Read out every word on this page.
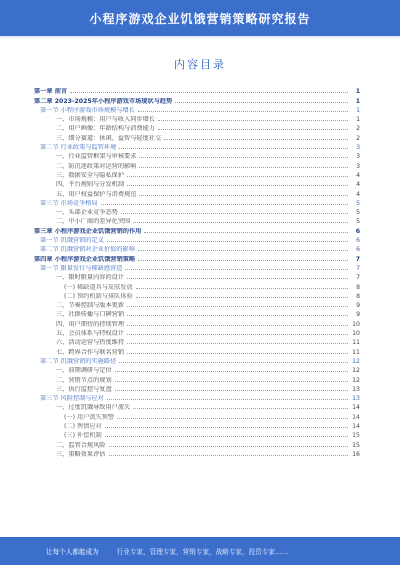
小程序游戏企业饥饿营销策略研究报告
内容目录
第一章 前言	1
第二章 2023-2025年小程序游戏市场现状与趋势	1
第一节 小程序游戏市场规模与增长	1
一、市场规模：用户与收入同步增长	1
二、用户画像：年龄结构与消费能力	2
三、细分赛道：休闲、益智与轻度社交	2
第二节 行业政策与监管环境	3
一、行业监管框架与审核要求	3
二、防沉迷政策对运营的影响	3
三、数据安全与隐私保护	4
四、平台规则与分发机制	4
五、用户权益保护与消费规范	4
第三节 市场竞争格局	5
一、头部企业竞争态势	5
二、中小厂商的差异化突围	5
第三章 小程序游戏企业饥饿营销的作用	6
第一节 饥饿营销的定义	6
第二节 饥饿营销对企业价值的影响	6
第四章 小程序游戏企业饥饿营销策略	7
第一节 限量发行与稀缺感营造	7
一、限时限量内容的设计	7
(一) 稀缺道具与皮肤发放	8
(二) 预约机制与排队体验	8
二、节奏控制与版本更新	9
三、社群传播与口碑营销	9
四、用户期待的持续管理	10
五、会员体系与特权设计	10
六、活动运营与热度维持	11
七、跨界合作与联名营销	11
第二节 饥饿营销的实施路径	12
一、前期调研与定位	12
二、营销节点的规划	12
三、执行监控与复盘	13
第三节 风险控制与应对	13
一、过度饥饿导致用户流失	14
(一) 用户流失预警	14
(二) 舆情应对	14
(三) 补偿机制	15
二、监管合规风险	15
三、策略效果评估	16
让每个人都能成为	行业专家，管理专家，营销专家，战略专家，投资专家……
